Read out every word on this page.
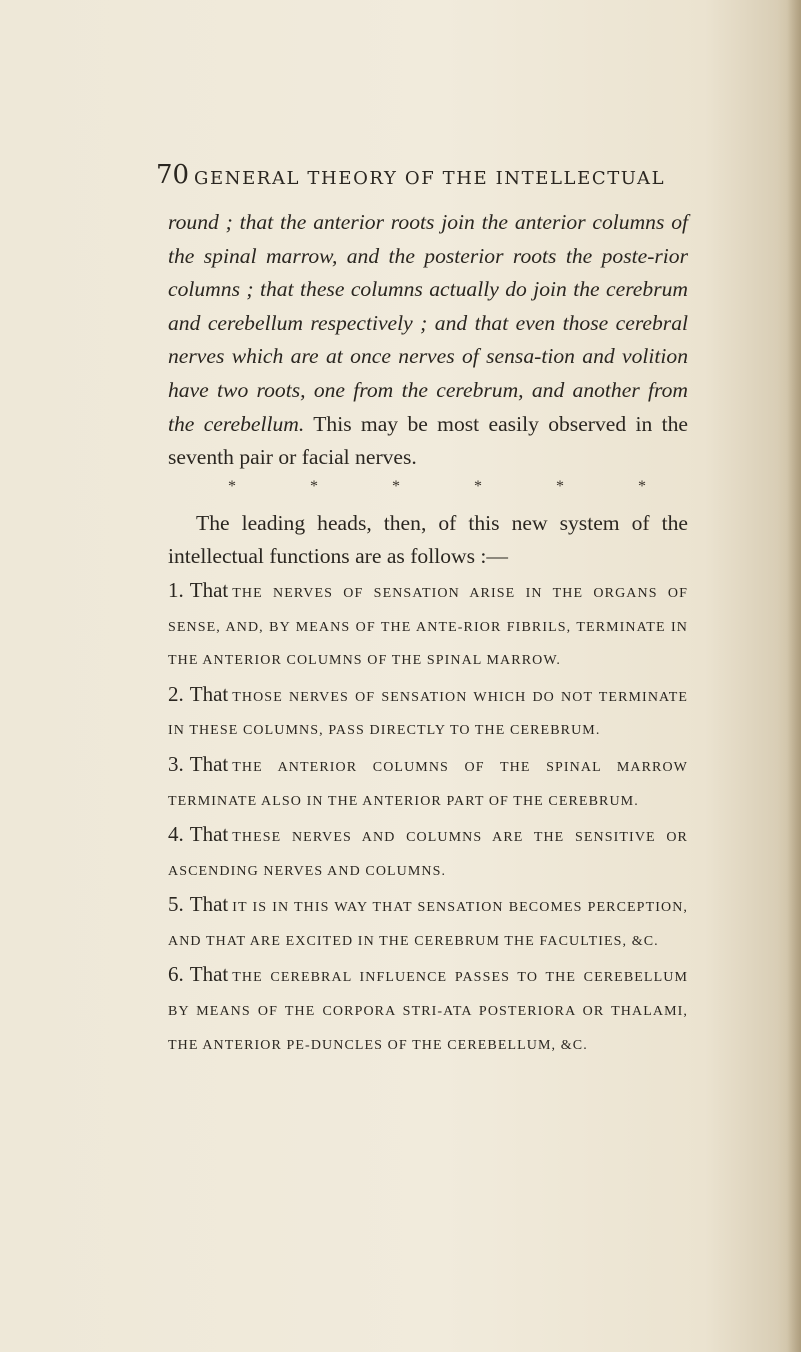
70 GENERAL THEORY OF THE INTELLECTUAL

round ; that the anterior roots join the anterior columns of the spinal marrow, and the posterior roots the poste-rior columns ; that these columns actually do join the cerebrum and cerebellum respectively ; and that even those cerebral nerves which are at once nerves of sensa-tion and volition have two roots, one from the cerebrum, and another from the cerebellum. This may be most easily observed in the seventh pair or facial nerves.

*	*	*	*	*	*

The leading heads, then, of this new system of the intellectual functions are as follows :—

1. That THE NERVES OF SENSATION ARISE IN THE ORGANS OF SENSE, AND, BY MEANS OF THE ANTE-RIOR FIBRILS, TERMINATE IN THE ANTERIOR COLUMNS OF THE SPINAL MARROW.

2. That THOSE NERVES OF SENSATION WHICH DO NOT TERMINATE IN THESE COLUMNS, PASS DIRECTLY TO THE CEREBRUM.

3. That THE ANTERIOR COLUMNS OF THE SPINAL MARROW TERMINATE ALSO IN THE ANTERIOR PART OF THE CEREBRUM.

4. That THESE NERVES AND COLUMNS ARE THE SENSITIVE OR ASCENDING NERVES AND COLUMNS.

5. That IT IS IN THIS WAY THAT SENSATION BECOMES PERCEPTION, AND THAT ARE EXCITED IN THE CEREBRUM THE FACULTIES, &C.

6. That THE CEREBRAL INFLUENCE PASSES TO THE CEREBELLUM BY MEANS OF THE CORPORA STRI-ATA POSTERIORA OR THALAMI, THE ANTERIOR PE-DUNCLES OF THE CEREBELLUM, &C.
